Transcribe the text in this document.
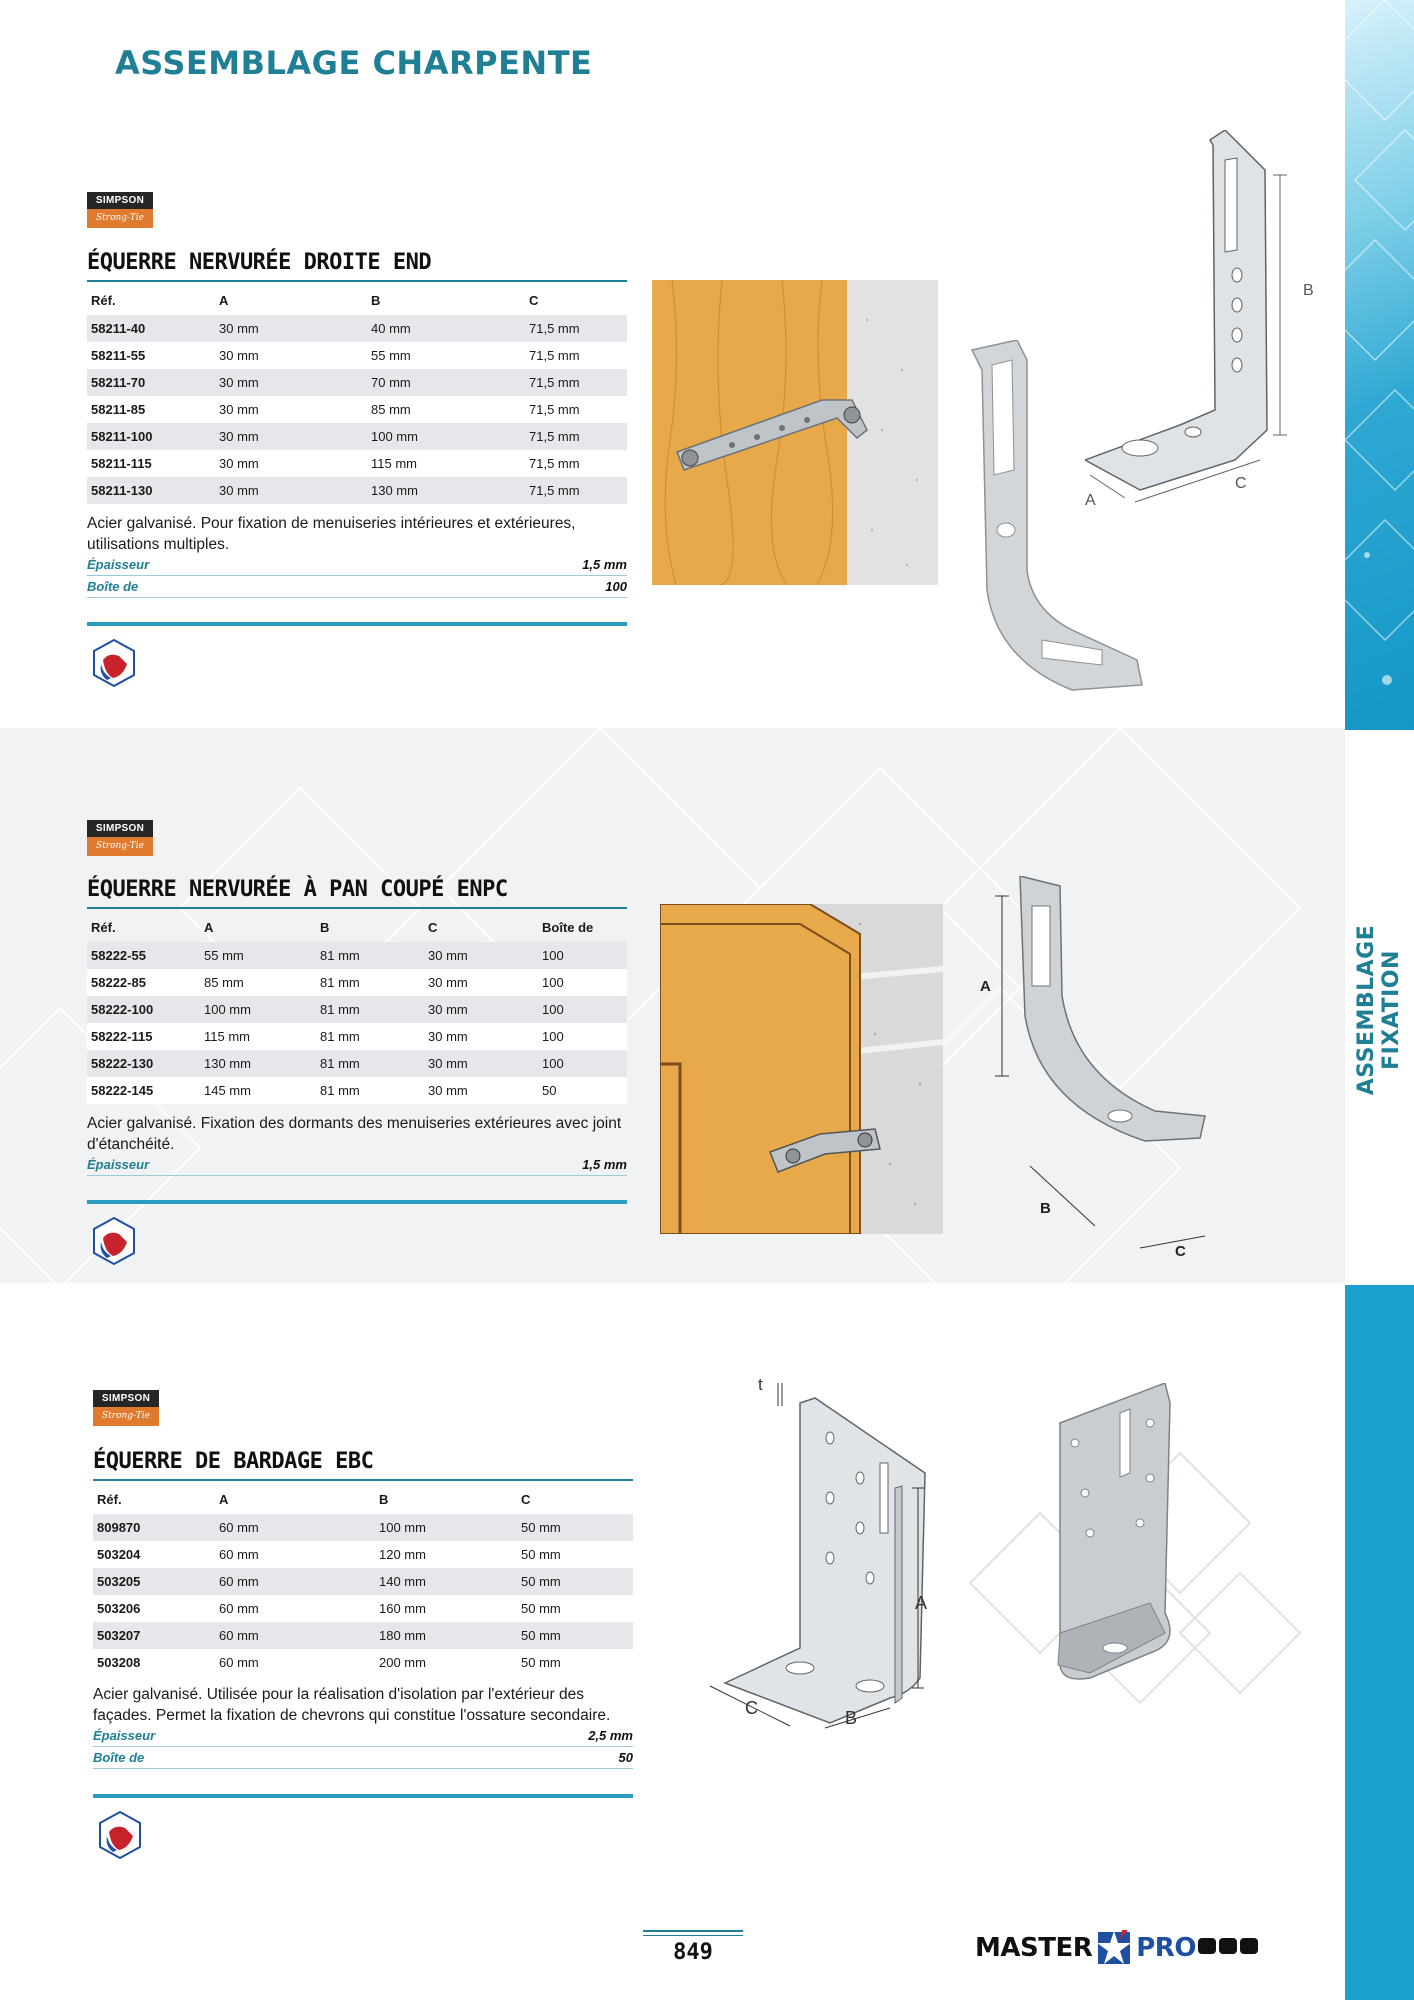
ASSEMBLAGE CHARPENTE
ASSEMBLAGE FIXATION
SIMPSON
Strong-Tie
ÉQUERRE NERVURÉE DROITE END
Réf.	A	B	C
58211-40	30 mm	40 mm	71,5 mm
58211-55	30 mm	55 mm	71,5 mm
58211-70	30 mm	70 mm	71,5 mm
58211-85	30 mm	85 mm	71,5 mm
58211-100	30 mm	100 mm	71,5 mm
58211-115	30 mm	115 mm	71,5 mm
58211-130	30 mm	130 mm	71,5 mm
Acier galvanisé. Pour fixation de menuiseries intérieures et extérieures, utilisations multiples.
Épaisseur	1,5 mm
Boîte de	100
B
A
C
SIMPSON
Strong-Tie
ÉQUERRE NERVURÉE À PAN COUPÉ ENPC
Réf.	A	B	C	Boîte de
58222-55	55 mm	81 mm	30 mm	100
58222-85	85 mm	81 mm	30 mm	100
58222-100	100 mm	81 mm	30 mm	100
58222-115	115 mm	81 mm	30 mm	100
58222-130	130 mm	81 mm	30 mm	100
58222-145	145 mm	81 mm	30 mm	50
Acier galvanisé. Fixation des dormants des menuiseries extérieures avec joint d'étanchéité.
Épaisseur	1,5 mm
A
B
C
SIMPSON
Strong-Tie
ÉQUERRE DE BARDAGE EBC
Réf.	A	B	C
809870	60 mm	100 mm	50 mm
503204	60 mm	120 mm	50 mm
503205	60 mm	140 mm	50 mm
503206	60 mm	160 mm	50 mm
503207	60 mm	180 mm	50 mm
503208	60 mm	200 mm	50 mm
Acier galvanisé. Utilisée pour la réalisation d'isolation par l'extérieur des façades. Permet la fixation de chevrons qui constitue l'ossature secondaire.
Épaisseur	2,5 mm
Boîte de	50
t
A
B
C
849	MASTER PRO
